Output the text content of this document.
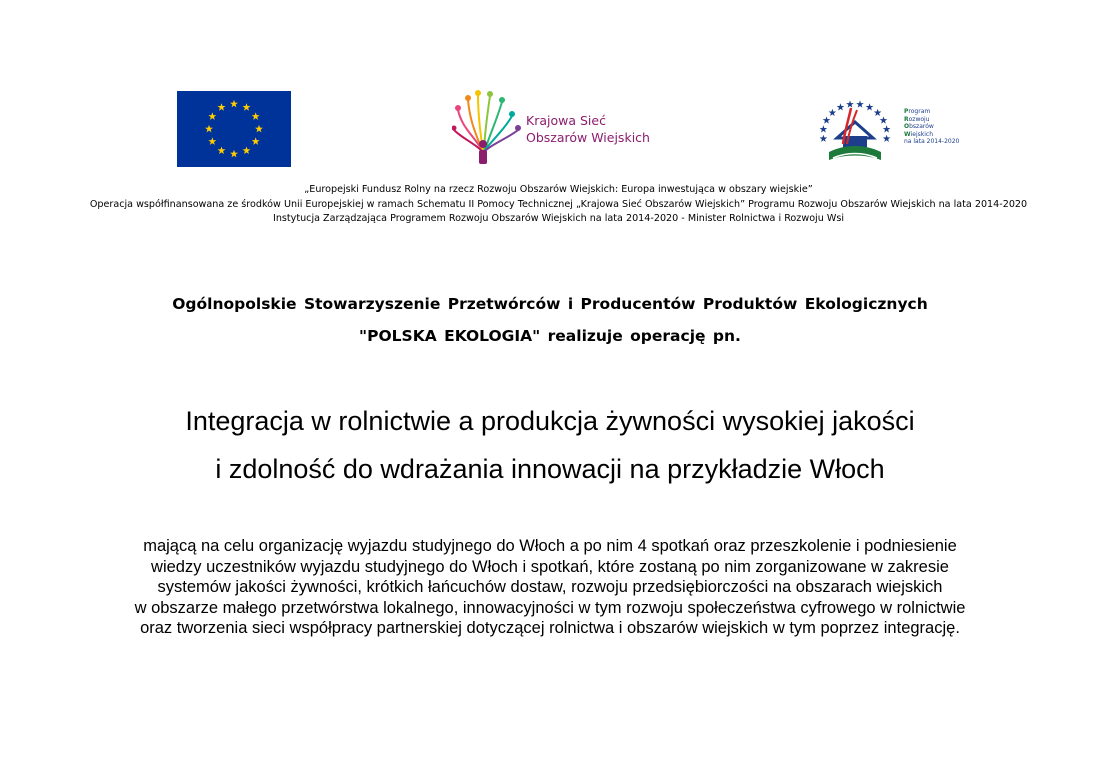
Krajowa Sieć
Obszarów Wiejskich
Program
Rozwoju
Obszarów
Wiejskich
na lata 2014-2020
„Europejski Fundusz Rolny na rzecz Rozwoju Obszarów Wiejskich: Europa inwestująca w obszary wiejskie”
Operacja współfinansowana ze środków Unii Europejskiej w ramach Schematu II Pomocy Technicznej „Krajowa Sieć Obszarów Wiejskich” Programu Rozwoju Obszarów Wiejskich na lata 2014-2020
Instytucja Zarządzająca Programem Rozwoju Obszarów Wiejskich na lata 2014-2020 - Minister Rolnictwa i Rozwoju Wsi
Ogólnopolskie Stowarzyszenie Przetwórców i Producentów Produktów Ekologicznych
"POLSKA EKOLOGIA" realizuje operację pn.
Integracja w rolnictwie a produkcja żywności wysokiej jakości
i zdolność do wdrażania innowacji na przykładzie Włoch
mającą na celu organizację wyjazdu studyjnego do Włoch a po nim 4 spotkań oraz przeszkolenie i podniesienie
wiedzy uczestników wyjazdu studyjnego do Włoch i spotkań, które zostaną po nim zorganizowane w zakresie
systemów jakości żywności, krótkich łańcuchów dostaw, rozwoju przedsiębiorczości na obszarach wiejskich
w obszarze małego przetwórstwa lokalnego, innowacyjności w tym rozwoju społeczeństwa cyfrowego w rolnictwie
oraz tworzenia sieci współpracy partnerskiej dotyczącej rolnictwa i obszarów wiejskich w tym poprzez integrację.
